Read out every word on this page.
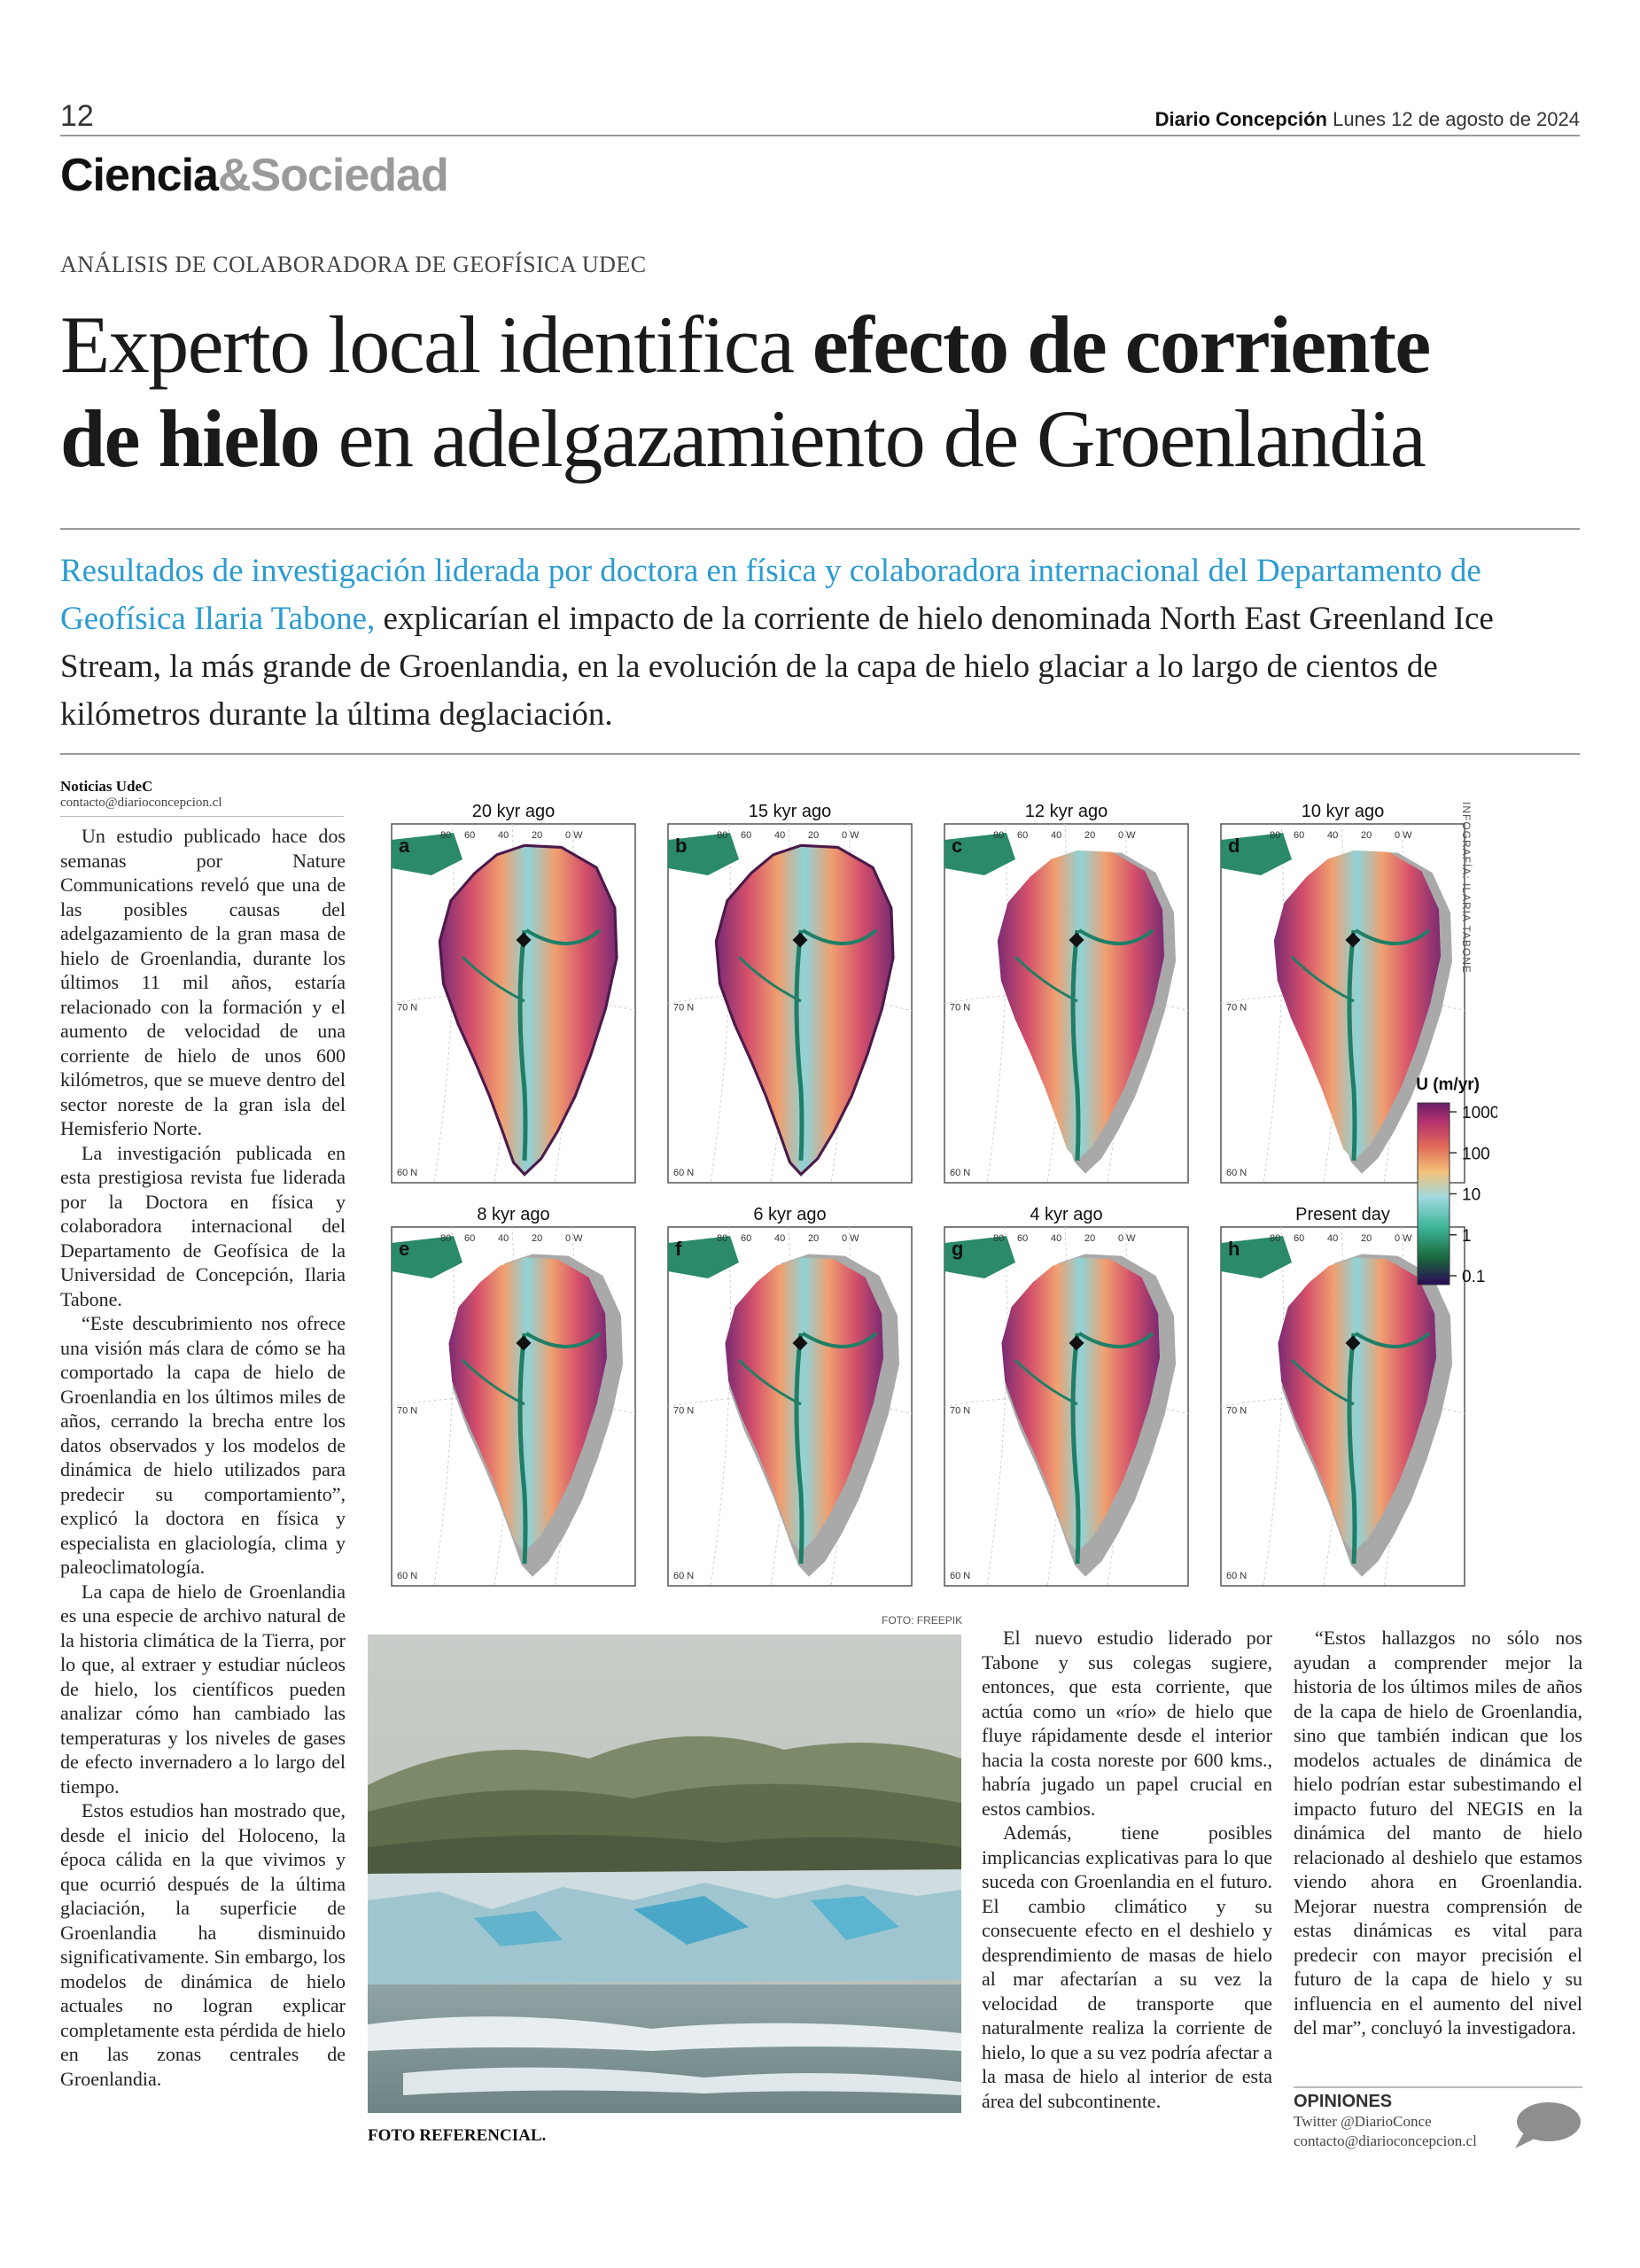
12	Diario Concepción Lunes 12 de agosto de 2024
Ciencia&Sociedad
ANÁLISIS DE COLABORADORA DE GEOFÍSICA UDEC
Experto local identifica efecto de corriente
de hielo en adelgazamiento de Groenlandia

Resultados de investigación liderada por doctora en física y colaboradora internacional del Departamento de Geofísica Ilaria Tabone, explicarían el impacto de la corriente de hielo denominada North East Greenland Ice Stream, la más grande de Groenlandia, en la evolución de la capa de hielo glaciar a lo largo de cientos de kilómetros durante la última deglaciación.

Noticias UdeC
contacto@diarioconcepcion.cl

Un estudio publicado hace dos semanas por Nature Communications reveló que una de las posibles causas del adelgazamiento de la gran masa de hielo de Groenlandia, durante los últimos 11 mil años, estaría relacionado con la formación y el aumento de velocidad de una corriente de hielo de unos 600 kilómetros, que se mueve dentro del sector noreste de la gran isla del Hemisferio Norte.

La investigación publicada en esta prestigiosa revista fue liderada por la Doctora en física y colaboradora internacional del Departamento de Geofísica de la Universidad de Concepción, Ilaria Tabone.

“Este descubrimiento nos ofrece una visión más clara de cómo se ha comportado la capa de hielo de Groenlandia en los últimos miles de años, cerrando la brecha entre los datos observados y los modelos de dinámica de hielo utilizados para predecir su comportamiento”, explicó la doctora en física y especialista en glaciología, clima y paleoclimatología.

La capa de hielo de Groenlandia es una especie de archivo natural de la historia climática de la Tierra, por lo que, al extraer y estudiar núcleos de hielo, los científicos pueden analizar cómo han cambiado las temperaturas y los niveles de gases de efecto invernadero a lo largo del tiempo.

Estos estudios han mostrado que, desde el inicio del Holoceno, la época cálida en la que vivimos y que ocurrió después de la última glaciación, la superficie de Groenlandia ha disminuido significativamente. Sin embargo, los modelos de dinámica de hielo actuales no logran explicar completamente esta pérdida de hielo en las zonas centrales de Groenlandia.

20 kyr ago
a	80 60 40 20 0 W
70 N
60 N
15 kyr ago
b	80 60 40 20 0 W
70 N
60 N
12 kyr ago
c	80 60 40 20 0 W
70 N
60 N
10 kyr ago
d	80 60 40 20 0 W
70 N
60 N
8 kyr ago
e	80 60 40 20 0 W
70 N
60 N
6 kyr ago
f	80 60 40 20 0 W
70 N
60 N
4 kyr ago
g	80 60 40 20 0 W
70 N
60 N
Present day
h	80 60 40 20 0 W
70 N
60 N
U (m/yr)
1000
100
10
1
0.1
INFOGRAFÍA: ILARIA TABONE
FOTO: FREEPIK
FOTO REFERENCIAL.

El nuevo estudio liderado por Tabone y sus colegas sugiere, entonces, que esta corriente, que actúa como un «río» de hielo que fluye rápidamente desde el interior hacia la costa noreste por 600 kms., habría jugado un papel crucial en estos cambios.

Además, tiene posibles implicancias explicativas para lo que suceda con Groenlandia en el futuro. El cambio climático y su consecuente efecto en el deshielo y desprendimiento de masas de hielo al mar afectarían a su vez la velocidad de transporte que naturalmente realiza la corriente de hielo, lo que a su vez podría afectar a la masa de hielo al interior de esta área del subcontinente.

“Estos hallazgos no sólo nos ayudan a comprender mejor la historia de los últimos miles de años de la capa de hielo de Groenlandia, sino que también indican que los modelos actuales de dinámica de hielo podrían estar subestimando el impacto futuro del NEGIS en la dinámica del manto de hielo relacionado al deshielo que estamos viendo ahora en Groenlandia. Mejorar nuestra comprensión de estas dinámicas es vital para predecir con mayor precisión el futuro de la capa de hielo y su influencia en el aumento del nivel del mar”, concluyó la investigadora.

OPINIONES
Twitter @DiarioConce
contacto@diarioconcepcion.cl
